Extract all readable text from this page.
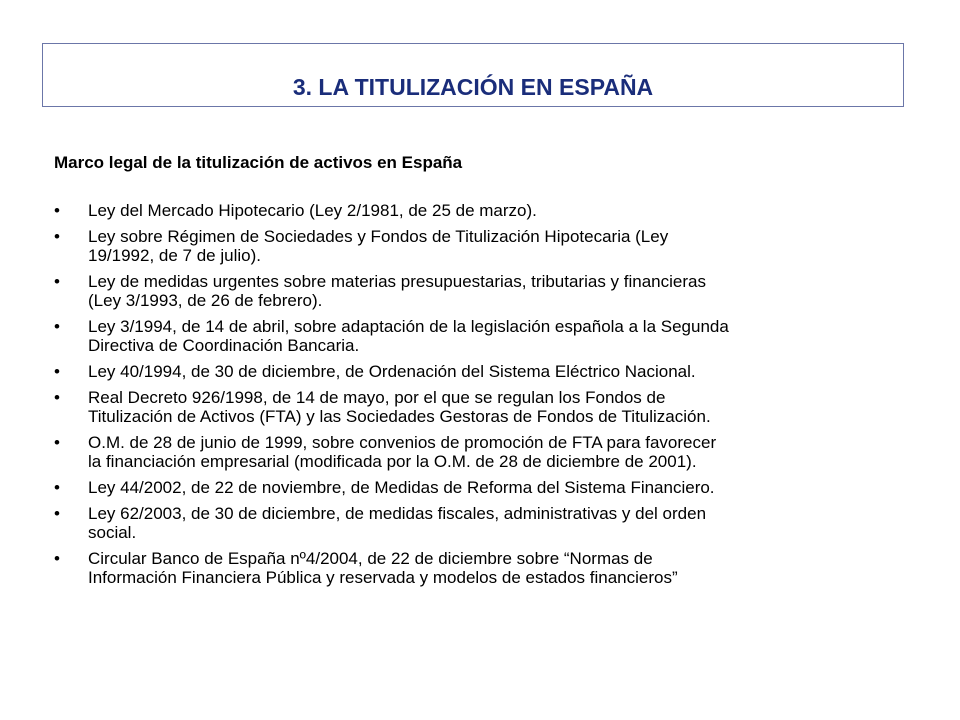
3. LA TITULIZACIÓN EN ESPAÑA

Marco legal de la titulización de activos en España

• Ley del Mercado Hipotecario (Ley 2/1981, de 25 de marzo).
• Ley sobre Régimen de Sociedades y Fondos de Titulización Hipotecaria (Ley
19/1992, de 7 de julio).
• Ley de medidas urgentes sobre materias presupuestarias, tributarias y financieras
(Ley 3/1993, de 26 de febrero).
• Ley 3/1994, de 14 de abril, sobre adaptación de la legislación española a la Segunda
Directiva de Coordinación Bancaria.
• Ley 40/1994, de 30 de diciembre, de Ordenación del Sistema Eléctrico Nacional.
• Real Decreto 926/1998, de 14 de mayo, por el que se regulan los Fondos de
Titulización de Activos (FTA) y las Sociedades Gestoras de Fondos de Titulización.
• O.M. de 28 de junio de 1999, sobre convenios de promoción de FTA para favorecer
la financiación empresarial (modificada por la O.M. de 28 de diciembre de 2001).
• Ley 44/2002, de 22 de noviembre, de Medidas de Reforma del Sistema Financiero.
• Ley 62/2003, de 30 de diciembre, de medidas fiscales, administrativas y del orden
social.
• Circular Banco de España nº4/2004, de 22 de diciembre sobre “Normas de
Información Financiera Pública y reservada y modelos de estados financieros”
